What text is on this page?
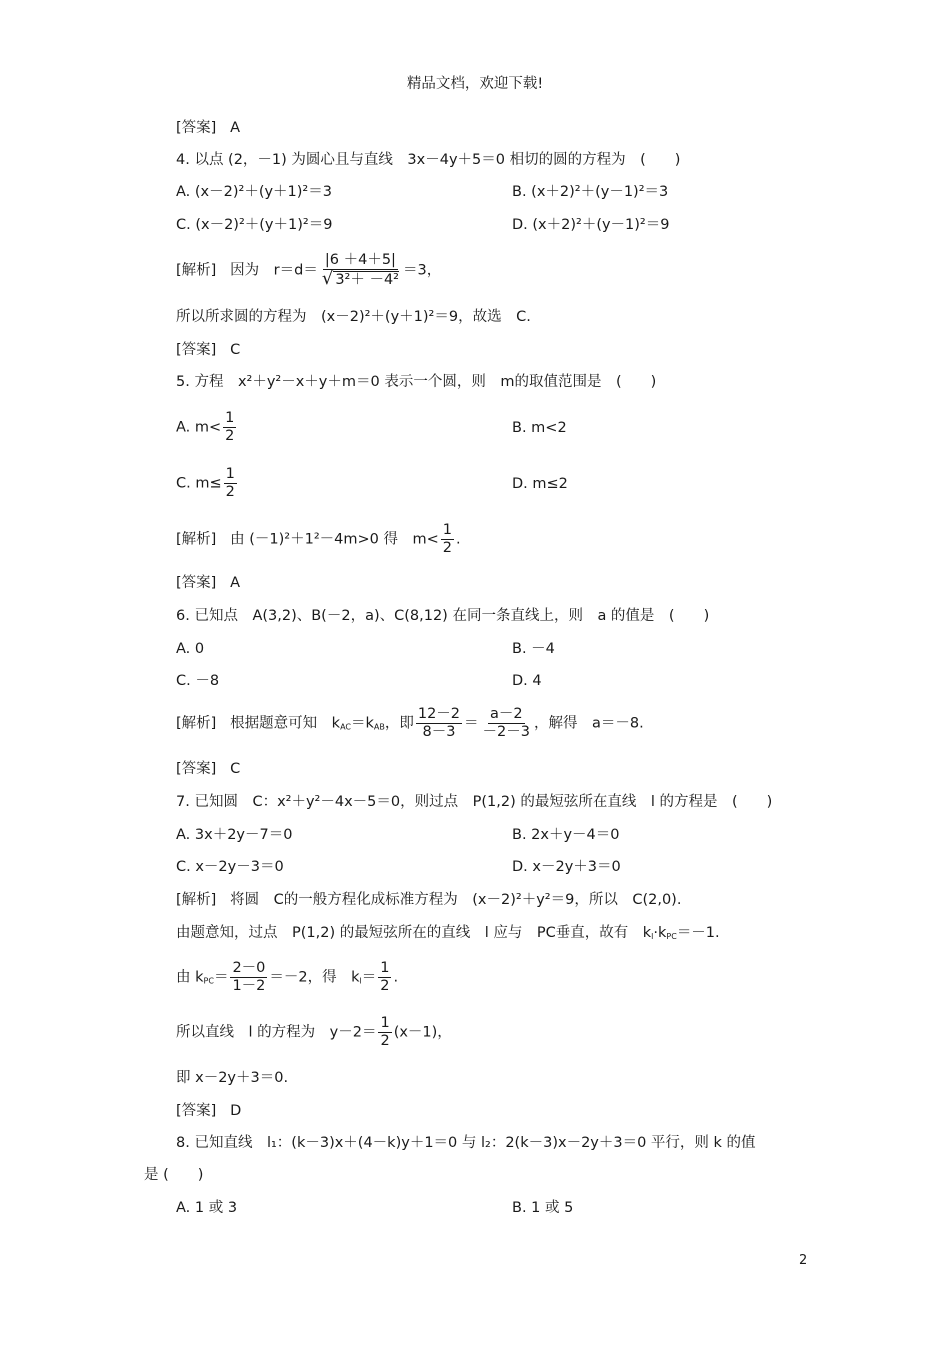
精品文档，欢迎下载!
[答案] A
4. 以点 (2，－1) 为圆心且与直线　3x－4y＋5＝0 相切的圆的方程为　(　　)
A. (x－2)²＋(y＋1)²＝3	B. (x＋2)²＋(y－1)²＝3
C. (x－2)²＋(y＋1)²＝9	D. (x＋2)²＋(y－1)²＝9
[解析] 因为　$r=d= \frac{|6 +4+5|}{\text{√ 3²＋ －4²}} =3$，
所以所求圆的方程为　(x－2)²＋(y＋1)²＝9，故选　C.
[答案] C
5. 方程　x²＋y²－x＋y＋m＝0 表示一个圆，则　m的取值范围是　(　　)
A. $m< \frac{1}{2}$	B. m<2
C. $m\le \frac{1}{2}$	D. m≤2
[解析] 由 (－1)²＋1²－4m>0 得　$m< \frac{1}{2}$ .
[答案] A
6. 已知点　A(3,2)、B(－2，a)、C(8,12) 在同一条直线上，则　a 的值是　(　　)
A. 0	B. －4
C. －8	D. 4
[解析] 根据题意可知　$k_{AC}=k_{AB}$，即 $\frac{12-2}{8-3} = \frac{a-2}{-2-3}$ ，解得　a＝－8.
[答案] C
7. 已知圆　C：x²＋y²－4x－5＝0，则过点　P(1,2) 的最短弦所在直线　l 的方程是　(　　)
A. 3x＋2y－7＝0	B. 2x＋y－4＝0
C. x－2y－3＝0	D. x－2y＋3＝0
[解析] 将圆　C的一般方程化成标准方程为　(x－2)²＋y²＝9，所以　C(2,0).
由题意知，过点　P(1,2) 的最短弦所在的直线　l 应与　PC垂直，故有　$k_l\cdot k_{PC}=-1$.
由 $k_{PC}= \frac{2-0}{1-2} =-2$，得　$k_l= \frac{1}{2}$ .
所以直线　l 的方程为　$y-2= \frac{1}{2} (x-1)$，
即 x－2y＋3＝0.
[答案] D
8. 已知直线　l₁：(k－3)x＋(4－k)y＋1＝0 与 l₂：2(k－3)x－2y＋3＝0 平行，则 k 的值
是 (　　)
A. 1 或 3	B. 1 或 5
2
